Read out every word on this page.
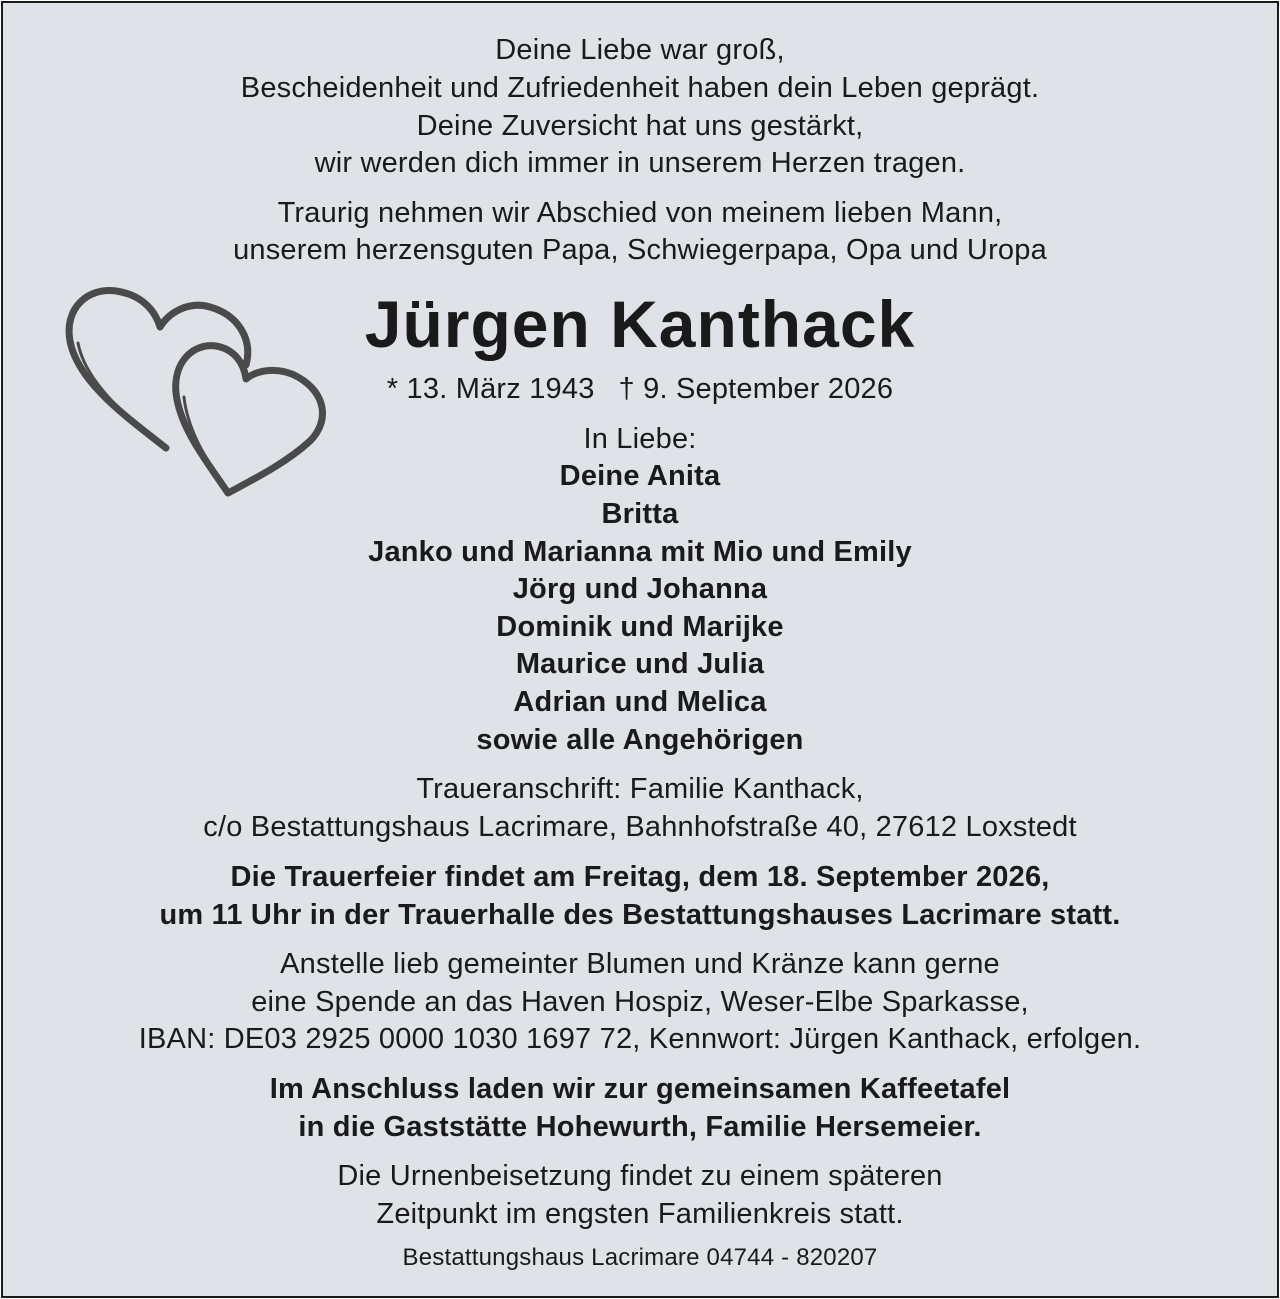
Deine Liebe war groß,
Bescheidenheit und Zufriedenheit haben dein Leben geprägt.
Deine Zuversicht hat uns gestärkt,
wir werden dich immer in unserem Herzen tragen.
Traurig nehmen wir Abschied von meinem lieben Mann,
unserem herzensguten Papa, Schwiegerpapa, Opa und Uropa
Jürgen Kanthack
* 13. März 1943 † 9. September 2026
In Liebe:
Deine Anita
Britta
Janko und Marianna mit Mio und Emily
Jörg und Johanna
Dominik und Marijke
Maurice und Julia
Adrian und Melica
sowie alle Angehörigen
Traueranschrift: Familie Kanthack,
c/o Bestattungshaus Lacrimare, Bahnhofstraße 40, 27612 Loxstedt
Die Trauerfeier findet am Freitag, dem 18. September 2026,
um 11 Uhr in der Trauerhalle des Bestattungshauses Lacrimare statt.
Anstelle lieb gemeinter Blumen und Kränze kann gerne
eine Spende an das Haven Hospiz, Weser-Elbe Sparkasse,
IBAN: DE03 2925 0000 1030 1697 72, Kennwort: Jürgen Kanthack, erfolgen.
Im Anschluss laden wir zur gemeinsamen Kaffeetafel
in die Gaststätte Hohewurth, Familie Hersemeier.
Die Urnenbeisetzung findet zu einem späteren
Zeitpunkt im engsten Familienkreis statt.
Bestattungshaus Lacrimare 04744 - 820207
